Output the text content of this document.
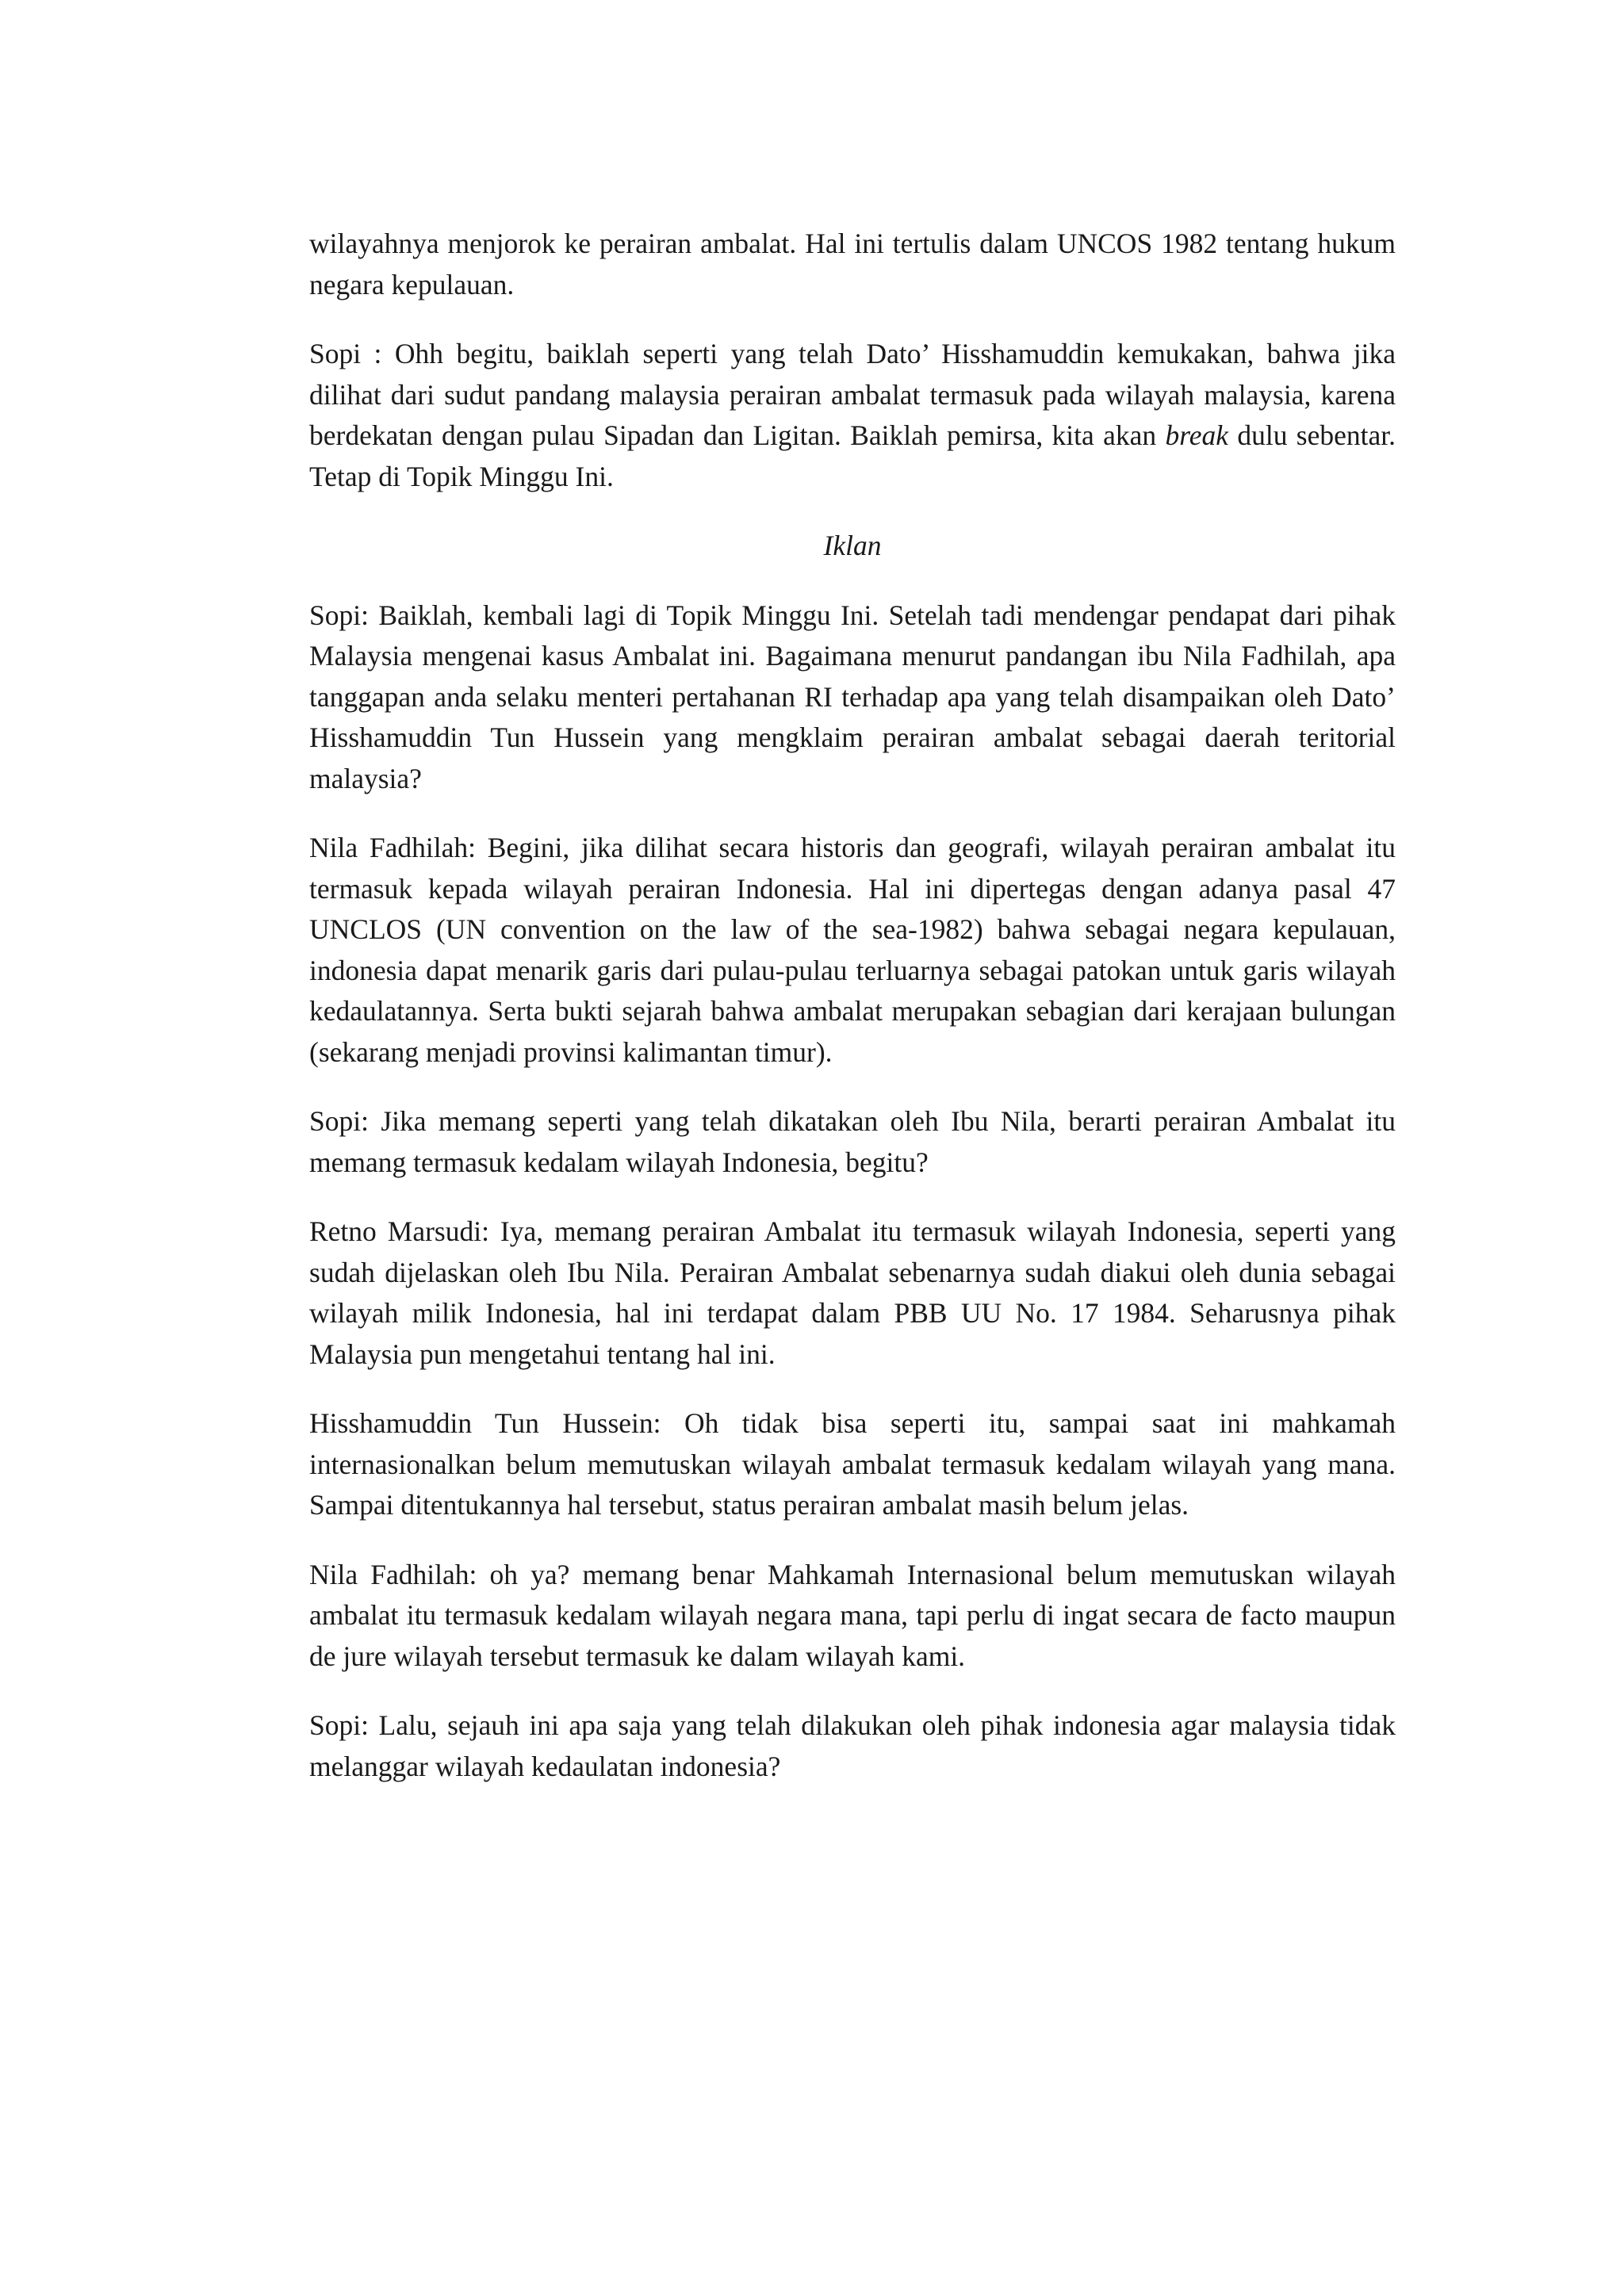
wilayahnya menjorok ke perairan ambalat. Hal ini tertulis dalam UNCOS 1982 tentang hukum negara kepulauan.

Sopi : Ohh begitu, baiklah seperti yang telah Dato’ Hisshamuddin kemukakan, bahwa jika dilihat dari sudut pandang malaysia perairan ambalat termasuk pada wilayah malaysia, karena berdekatan dengan pulau Sipadan dan Ligitan. Baiklah pemirsa, kita akan break dulu sebentar. Tetap di Topik Minggu Ini.

Iklan

Sopi: Baiklah, kembali lagi di Topik Minggu Ini. Setelah tadi mendengar pendapat dari pihak Malaysia mengenai kasus Ambalat ini. Bagaimana menurut pandangan ibu Nila Fadhilah, apa tanggapan anda selaku menteri pertahanan RI terhadap apa yang telah disampaikan oleh Dato’ Hisshamuddin Tun Hussein yang mengklaim perairan ambalat sebagai daerah teritorial malaysia?

Nila Fadhilah: Begini, jika dilihat secara historis dan geografi, wilayah perairan ambalat itu termasuk kepada wilayah perairan Indonesia. Hal ini dipertegas dengan adanya pasal 47 UNCLOS (UN convention on the law of the sea-1982) bahwa sebagai negara kepulauan, indonesia dapat menarik garis dari pulau-pulau terluarnya sebagai patokan untuk garis wilayah kedaulatannya. Serta bukti sejarah bahwa ambalat merupakan sebagian dari kerajaan bulungan (sekarang menjadi provinsi kalimantan timur).

Sopi: Jika memang seperti yang telah dikatakan oleh Ibu Nila, berarti perairan Ambalat itu memang termasuk kedalam wilayah Indonesia, begitu?

Retno Marsudi: Iya, memang perairan Ambalat itu termasuk wilayah Indonesia, seperti yang sudah dijelaskan oleh Ibu Nila. Perairan Ambalat sebenarnya sudah diakui oleh dunia sebagai wilayah milik Indonesia, hal ini terdapat dalam PBB UU No. 17 1984. Seharusnya pihak Malaysia pun mengetahui tentang hal ini.

Hisshamuddin Tun Hussein: Oh tidak bisa seperti itu, sampai saat ini mahkamah internasionalkan belum memutuskan wilayah ambalat termasuk kedalam wilayah yang mana. Sampai ditentukannya hal tersebut, status perairan ambalat masih belum jelas.

Nila Fadhilah: oh ya? memang benar Mahkamah Internasional belum memutuskan wilayah ambalat itu termasuk kedalam wilayah negara mana, tapi perlu di ingat secara de facto maupun de jure wilayah tersebut termasuk ke dalam wilayah kami.

Sopi: Lalu, sejauh ini apa saja yang telah dilakukan oleh pihak indonesia agar malaysia tidak melanggar wilayah kedaulatan indonesia?
